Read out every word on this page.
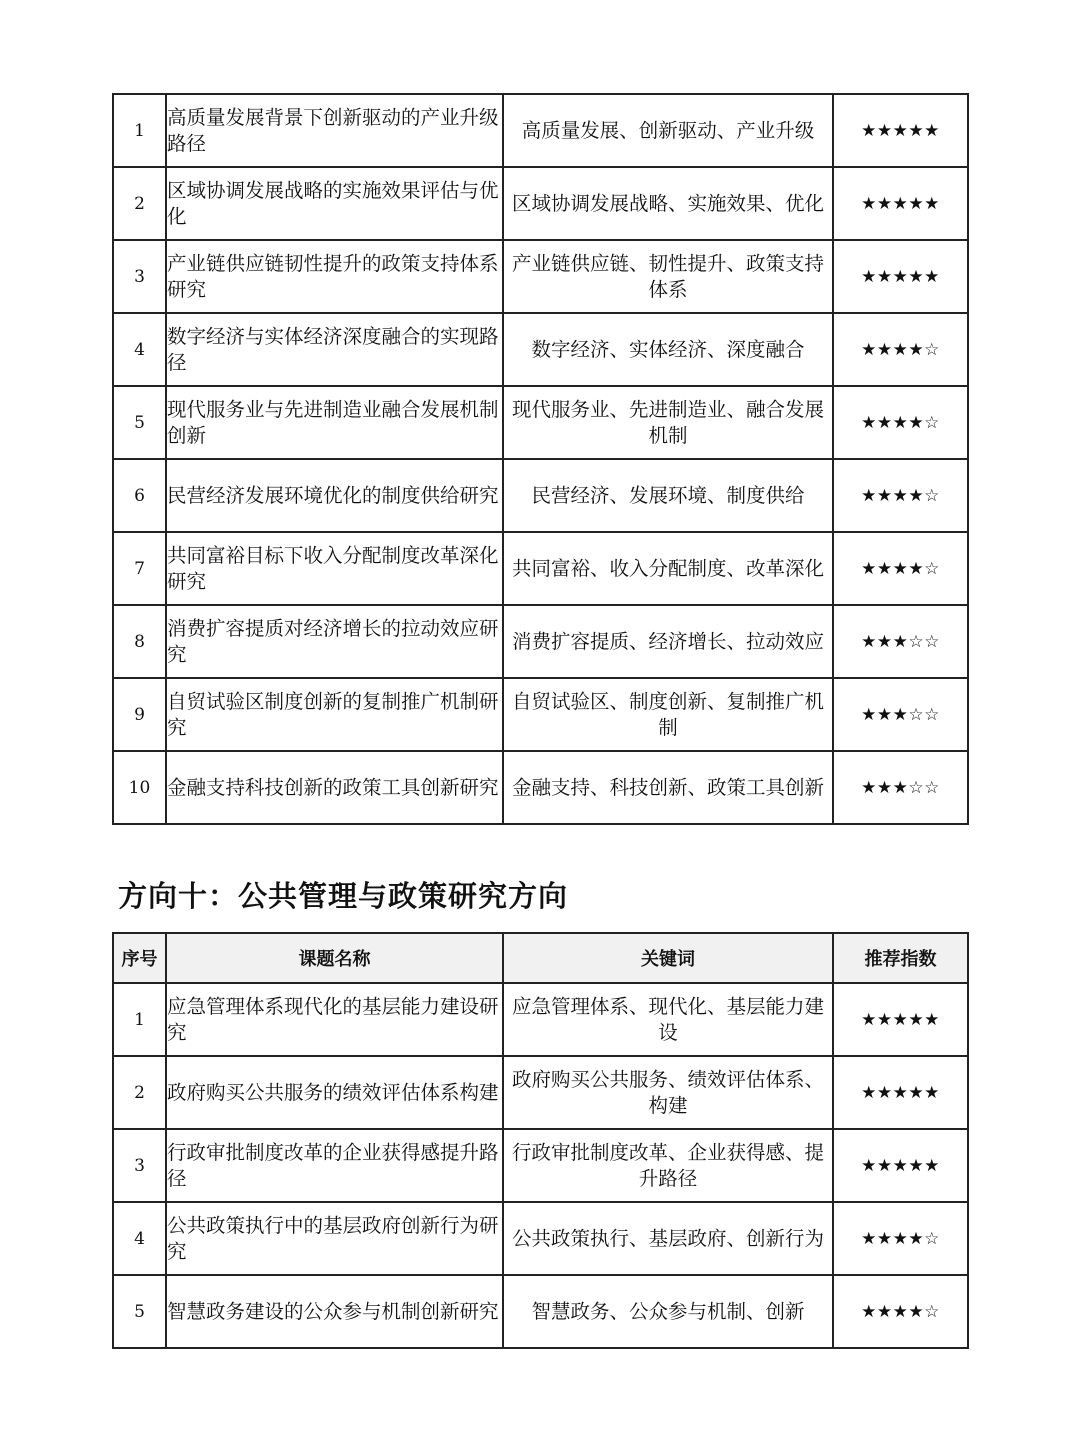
1	高质量发展背景下创新驱动的产业升级路径	高质量发展、创新驱动、产业升级	★★★★★
2	区域协调发展战略的实施效果评估与优化	区域协调发展战略、实施效果、优化	★★★★★
3	产业链供应链韧性提升的政策支持体系研究	产业链供应链、韧性提升、政策支持体系	★★★★★
4	数字经济与实体经济深度融合的实现路径	数字经济、实体经济、深度融合	★★★★☆
5	现代服务业与先进制造业融合发展机制创新	现代服务业、先进制造业、融合发展机制	★★★★☆
6	民营经济发展环境优化的制度供给研究	民营经济、发展环境、制度供给	★★★★☆
7	共同富裕目标下收入分配制度改革深化研究	共同富裕、收入分配制度、改革深化	★★★★☆
8	消费扩容提质对经济增长的拉动效应研究	消费扩容提质、经济增长、拉动效应	★★★☆☆
9	自贸试验区制度创新的复制推广机制研究	自贸试验区、制度创新、复制推广机制	★★★☆☆
10	金融支持科技创新的政策工具创新研究	金融支持、科技创新、政策工具创新	★★★☆☆
方向十：公共管理与政策研究方向
序号	课题名称	关键词	推荐指数
1	应急管理体系现代化的基层能力建设研究	应急管理体系、现代化、基层能力建设	★★★★★
2	政府购买公共服务的绩效评估体系构建	政府购买公共服务、绩效评估体系、构建	★★★★★
3	行政审批制度改革的企业获得感提升路径	行政审批制度改革、企业获得感、提升路径	★★★★★
4	公共政策执行中的基层政府创新行为研究	公共政策执行、基层政府、创新行为	★★★★☆
5	智慧政务建设的公众参与机制创新研究	智慧政务、公众参与机制、创新	★★★★☆
